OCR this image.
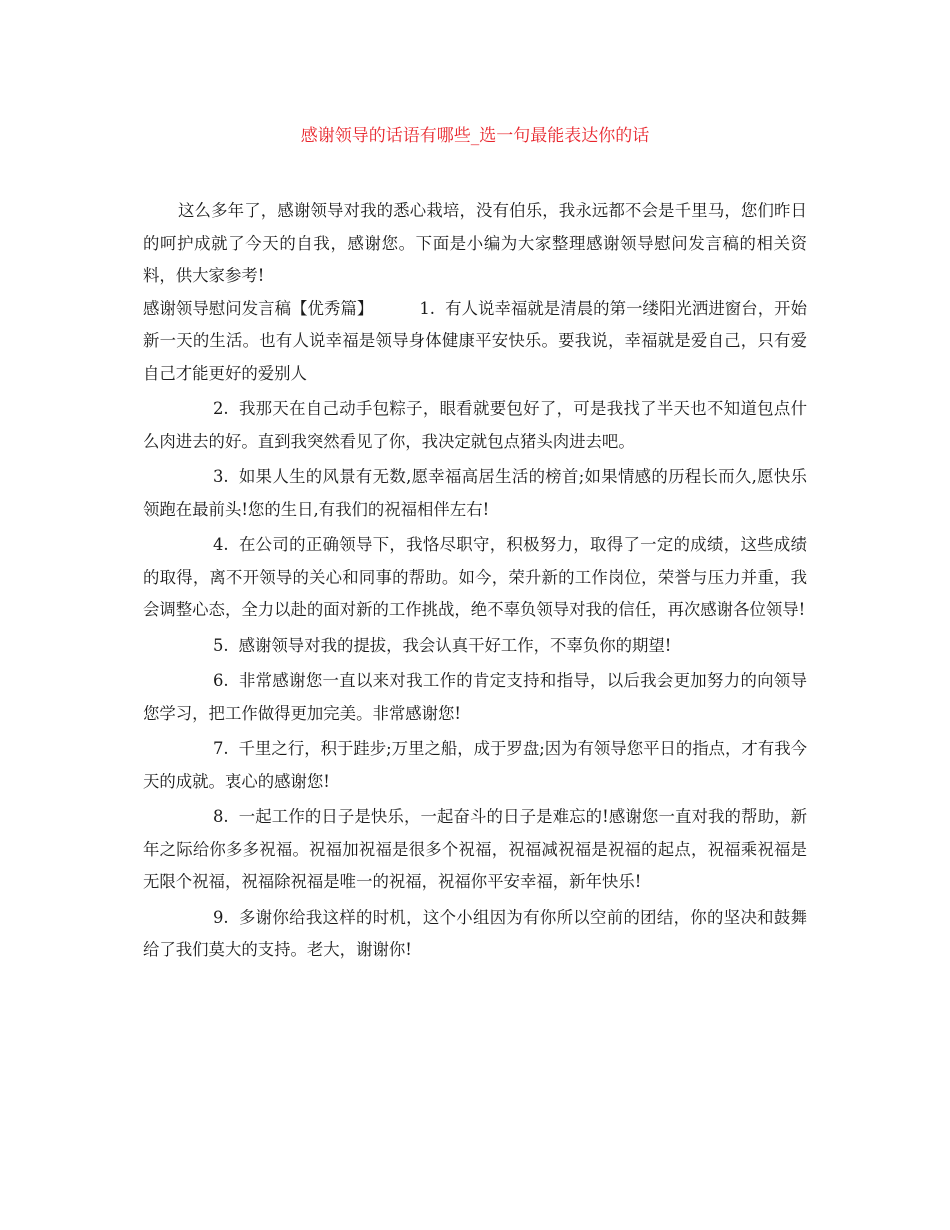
感谢领导的话语有哪些_选一句最能表达你的话

这么多年了，感谢领导对我的悉心栽培，没有伯乐，我永远都不会是千里马，您们昨日的呵护成就了今天的自我，感谢您。下面是小编为大家整理感谢领导慰问发言稿的相关资料，供大家参考!

感谢领导慰问发言稿【优秀篇】	1. 有人说幸福就是清晨的第一缕阳光洒进窗台，开始新一天的生活。也有人说幸福是领导身体健康平安快乐。要我说，幸福就是爱自己，只有爱自己才能更好的爱别人

2. 我那天在自己动手包粽子，眼看就要包好了，可是我找了半天也不知道包点什么肉进去的好。直到我突然看见了你，我决定就包点猪头肉进去吧。

3. 如果人生的风景有无数,愿幸福高居生活的榜首;如果情感的历程长而久,愿快乐领跑在最前头!您的生日,有我们的祝福相伴左右!

4. 在公司的正确领导下，我恪尽职守，积极努力，取得了一定的成绩，这些成绩的取得，离不开领导的关心和同事的帮助。如今，荣升新的工作岗位，荣誉与压力并重，我会调整心态，全力以赴的面对新的工作挑战，绝不辜负领导对我的信任，再次感谢各位领导!

5. 感谢领导对我的提拔，我会认真干好工作，不辜负你的期望!

6. 非常感谢您一直以来对我工作的肯定支持和指导，以后我会更加努力的向领导您学习，把工作做得更加完美。非常感谢您!

7. 千里之行，积于跬步;万里之船，成于罗盘;因为有领导您平日的指点，才有我今天的成就。衷心的感谢您!

8. 一起工作的日子是快乐，一起奋斗的日子是难忘的!感谢您一直对我的帮助，新年之际给你多多祝福。祝福加祝福是很多个祝福，祝福减祝福是祝福的起点，祝福乘祝福是无限个祝福，祝福除祝福是唯一的祝福，祝福你平安幸福，新年快乐!

9. 多谢你给我这样的时机，这个小组因为有你所以空前的团结，你的坚决和鼓舞给了我们莫大的支持。老大，谢谢你!
